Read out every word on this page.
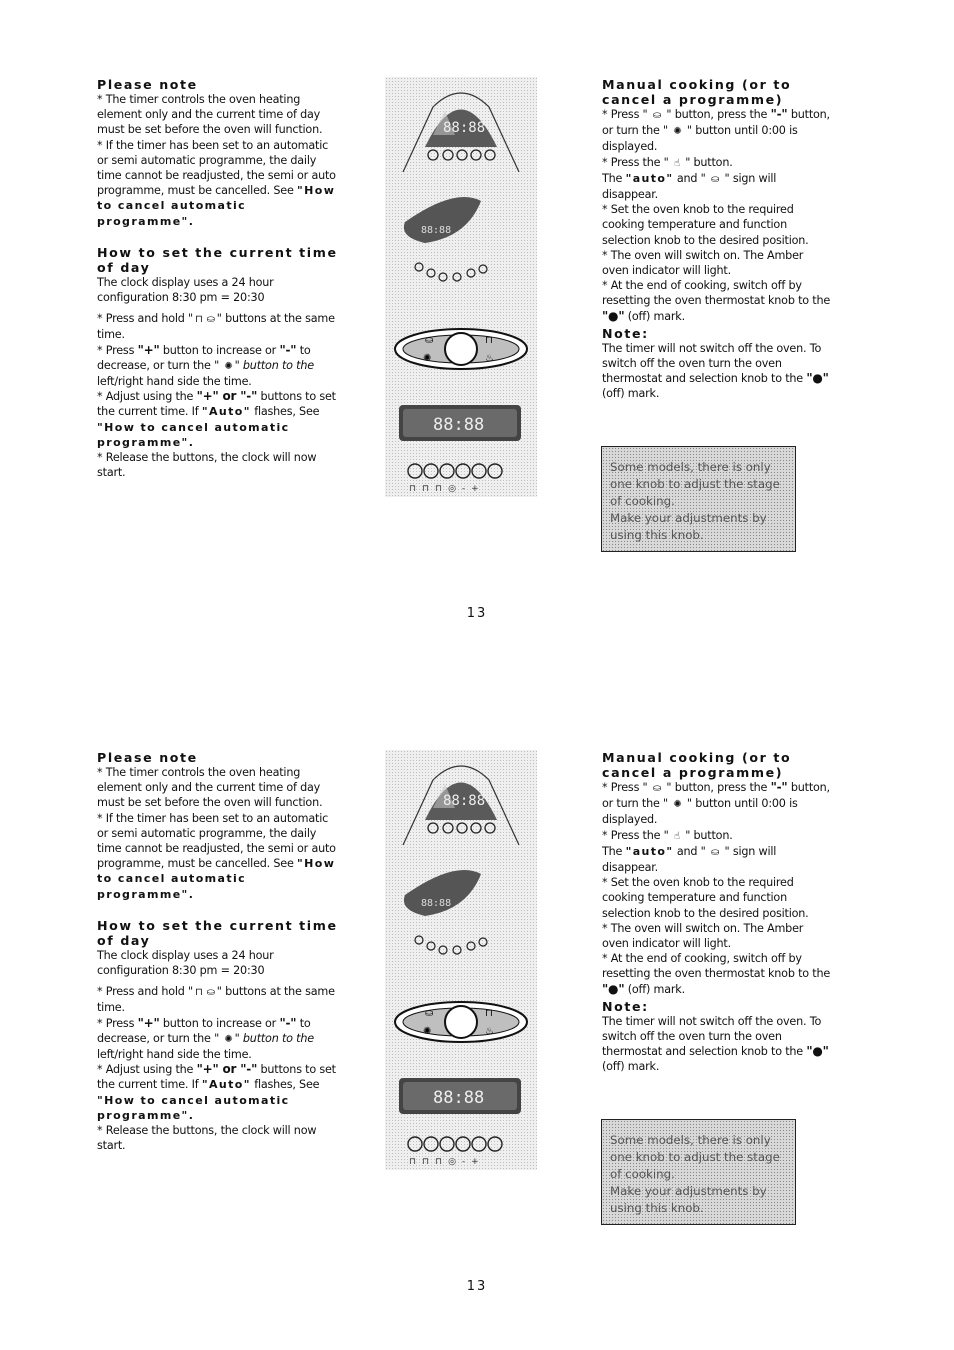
Please note

* The timer controls the oven heating element only and the current time of day must be set before the oven will function.

* If the timer has been set to an automatic or semi automatic programme, the daily time cannot be readjusted, the semi or auto programme, must be cancelled. See "How to cancel automatic programme".

How to set the current time of day

The clock display uses a 24 hour configuration 8:30 pm = 20:30

* Press and hold " ⊓ ⛀ " buttons at the same time.

* Press "+" button to increase or "-" to decrease, or turn the " ✺ " button to the left/right hand side the time.

* Adjust using the "+" or "-" buttons to set the current time. If "Auto" flashes, See "How to cancel automatic programme".

* Release the buttons, the clock will now start.

88:88
88:88
⛀	⊓
✺	♨
88:88
⊓⊓⊓◎-+
Manual cooking (or to cancel a programme)

* Press " ⛀ " button, press the "-" button, or turn the " ✺ " button until 0:00 is displayed.

* Press the " ☝ " button.

The "auto" and " ⛀ " sign will disappear.

* Set the oven knob to the required cooking temperature and function selection knob to the desired position.

* The oven will switch on. The Amber oven indicator will light.

* At the end of cooking, switch off by resetting the oven thermostat knob to the "●" (off) mark.

Note:

The timer will not switch off the oven. To switch off the oven turn the oven thermostat and selection knob to the "●" (off) mark.

Some models, there is only one knob to adjust the stage of cooking.

Make your adjustments by using this knob.

13
Please note

* The timer controls the oven heating element only and the current time of day must be set before the oven will function.

* If the timer has been set to an automatic or semi automatic programme, the daily time cannot be readjusted, the semi or auto programme, must be cancelled. See "How to cancel automatic programme".

How to set the current time of day

The clock display uses a 24 hour configuration 8:30 pm = 20:30

* Press and hold " ⊓ ⛀ " buttons at the same time.

* Press "+" button to increase or "-" to decrease, or turn the " ✺ " button to the left/right hand side the time.

* Adjust using the "+" or "-" buttons to set the current time. If "Auto" flashes, See "How to cancel automatic programme".

* Release the buttons, the clock will now start.

88:88
88:88
⛀	⊓
✺	♨
88:88
⊓⊓⊓◎-+
Manual cooking (or to cancel a programme)

* Press " ⛀ " button, press the "-" button, or turn the " ✺ " button until 0:00 is displayed.

* Press the " ☝ " button.

The "auto" and " ⛀ " sign will disappear.

* Set the oven knob to the required cooking temperature and function selection knob to the desired position.

* The oven will switch on. The Amber oven indicator will light.

* At the end of cooking, switch off by resetting the oven thermostat knob to the "●" (off) mark.

Note:

The timer will not switch off the oven. To switch off the oven turn the oven thermostat and selection knob to the "●" (off) mark.

Some models, there is only one knob to adjust the stage of cooking.

Make your adjustments by using this knob.

13
